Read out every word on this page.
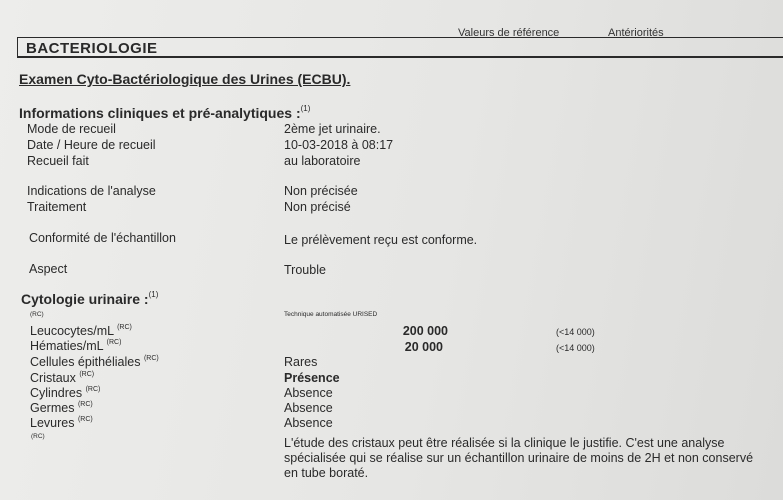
Valeurs de référence	Antériorités
BACTERIOLOGIE
Examen Cyto-Bactériologique des Urines (ECBU).
Informations cliniques et pré-analytiques :$^{(1)}$
Mode de recueil	2ème jet urinaire.
Date / Heure de recueil	10-03-2018 à 08:17
Recueil fait	au laboratoire
Indications de l'analyse	Non précisée
Traitement	Non précisé
Conformité de l'échantillon	Le prélèvement reçu est conforme.
Aspect	Trouble
Cytologie urinaire :$^{(1)}$
(RC)	Technique automatisée URISED
Leucocytes/mL $^{(RC)}$	200 000	(<14 000)
Hématies/mL $^{(RC)}$	20 000	(<14 000)
Cellules épithéliales $^{(RC)}$	Rares
Cristaux $^{(RC)}$	Présence
Cylindres $^{(RC)}$	Absence
Germes $^{(RC)}$	Absence
Levures $^{(RC)}$	Absence
(RC)	L'étude des cristaux peut être réalisée si la clinique le justifie. C'est une analyse spécialisée qui se réalise sur un échantillon urinaire de moins de 2H et non conservé en tube boraté.
